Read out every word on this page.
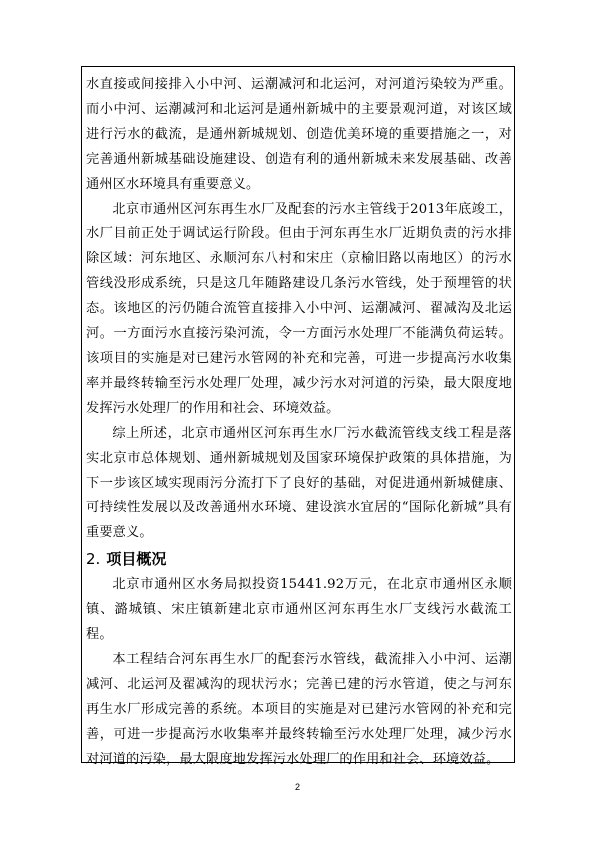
水直接或间接排入小中河、运潮减河和北运河，对河道污染较为严重。而小中河、运潮减河和北运河是通州新城中的主要景观河道，对该区域进行污水的截流，是通州新城规划、创造优美环境的重要措施之一，对完善通州新城基础设施建设、创造有利的通州新城未来发展基础、改善通州区水环境具有重要意义。

北京市通州区河东再生水厂及配套的污水主管线于2013年底竣工，水厂目前正处于调试运行阶段。但由于河东再生水厂近期负责的污水排除区域：河东地区、永顺河东八村和宋庄（京榆旧路以南地区）的污水管线没形成系统，只是这几年随路建设几条污水管线，处于预埋管的状态。该地区的污仍随合流管直接排入小中河、运潮减河、翟减沟及北运河。一方面污水直接污染河流，令一方面污水处理厂不能满负荷运转。该项目的实施是对已建污水管网的补充和完善，可进一步提高污水收集率并最终转输至污水处理厂处理，减少污水对河道的污染，最大限度地发挥污水处理厂的作用和社会、环境效益。

综上所述，北京市通州区河东再生水厂污水截流管线支线工程是落实北京市总体规划、通州新城规划及国家环境保护政策的具体措施，为下一步该区域实现雨污分流打下了良好的基础，对促进通州新城健康、可持续性发展以及改善通州水环境、建设滨水宜居的“国际化新城”具有重要意义。

2. 项目概况

北京市通州区水务局拟投资15441.92万元，在北京市通州区永顺镇、潞城镇、宋庄镇新建北京市通州区河东再生水厂支线污水截流工程。

本工程结合河东再生水厂的配套污水管线，截流排入小中河、运潮减河、北运河及翟减沟的现状污水；完善已建的污水管道，使之与河东再生水厂形成完善的系统。本项目的实施是对已建污水管网的补充和完善，可进一步提高污水收集率并最终转输至污水处理厂处理，减少污水对河道的污染，最大限度地发挥污水处理厂的作用和社会、环境效益。

2
